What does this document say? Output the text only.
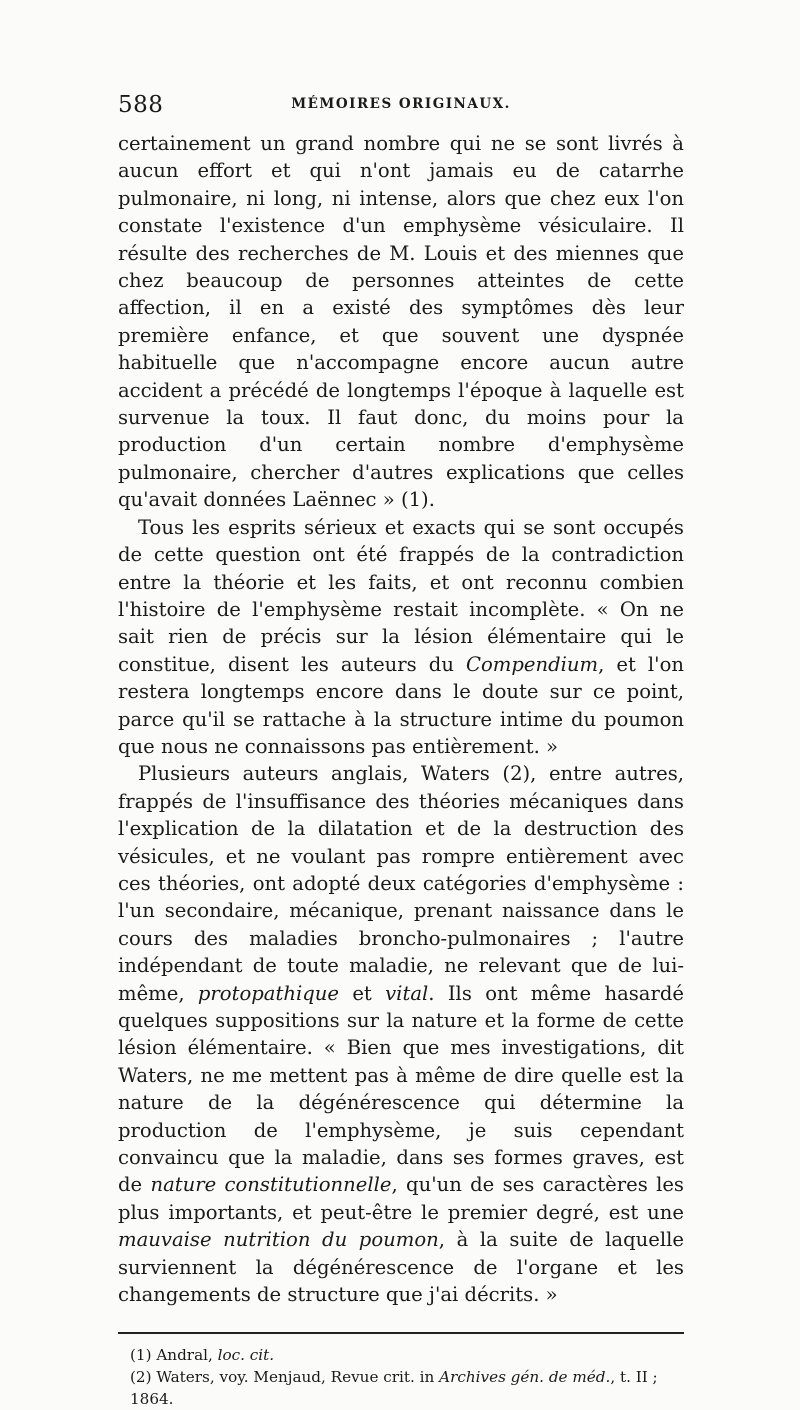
588	MÉMOIRES ORIGINAUX.

certainement un grand nombre qui ne se sont livrés à aucun effort et qui n'ont jamais eu de catarrhe pulmonaire, ni long, ni intense, alors que chez eux l'on constate l'existence d'un emphysème vésiculaire. Il résulte des recherches de M. Louis et des miennes que chez beaucoup de personnes atteintes de cette affection, il en a existé des symptômes dès leur première enfance, et que souvent une dyspnée habituelle que n'accompagne encore aucun autre accident a précédé de longtemps l'époque à laquelle est survenue la toux. Il faut donc, du moins pour la production d'un certain nombre d'emphysème pulmonaire, chercher d'autres explications que celles qu'avait données Laënnec » (1).

Tous les esprits sérieux et exacts qui se sont occupés de cette question ont été frappés de la contradiction entre la théorie et les faits, et ont reconnu combien l'histoire de l'emphysème restait incomplète. « On ne sait rien de précis sur la lésion élémentaire qui le constitue, disent les auteurs du Compendium, et l'on restera longtemps encore dans le doute sur ce point, parce qu'il se rattache à la structure intime du poumon que nous ne connaissons pas entièrement. »

Plusieurs auteurs anglais, Waters (2), entre autres, frappés de l'insuffisance des théories mécaniques dans l'explication de la dilatation et de la destruction des vésicules, et ne voulant pas rompre entièrement avec ces théories, ont adopté deux catégories d'emphysème : l'un secondaire, mécanique, prenant naissance dans le cours des maladies broncho-pulmonaires ; l'autre indépendant de toute maladie, ne relevant que de lui-même, protopathique et vital. Ils ont même hasardé quelques suppositions sur la nature et la forme de cette lésion élémentaire. « Bien que mes investigations, dit Waters, ne me mettent pas à même de dire quelle est la nature de la dégénérescence qui détermine la production de l'emphysème, je suis cependant convaincu que la maladie, dans ses formes graves, est de nature constitutionnelle, qu'un de ses caractères les plus importants, et peut-être le premier degré, est une mauvaise nutrition du poumon, à la suite de laquelle surviennent la dégénérescence de l'organe et les changements de structure que j'ai décrits. »

(1) Andral, loc. cit.

(2) Waters, voy. Menjaud, Revue crit. in Archives gén. de méd., t. II ; 1864.
